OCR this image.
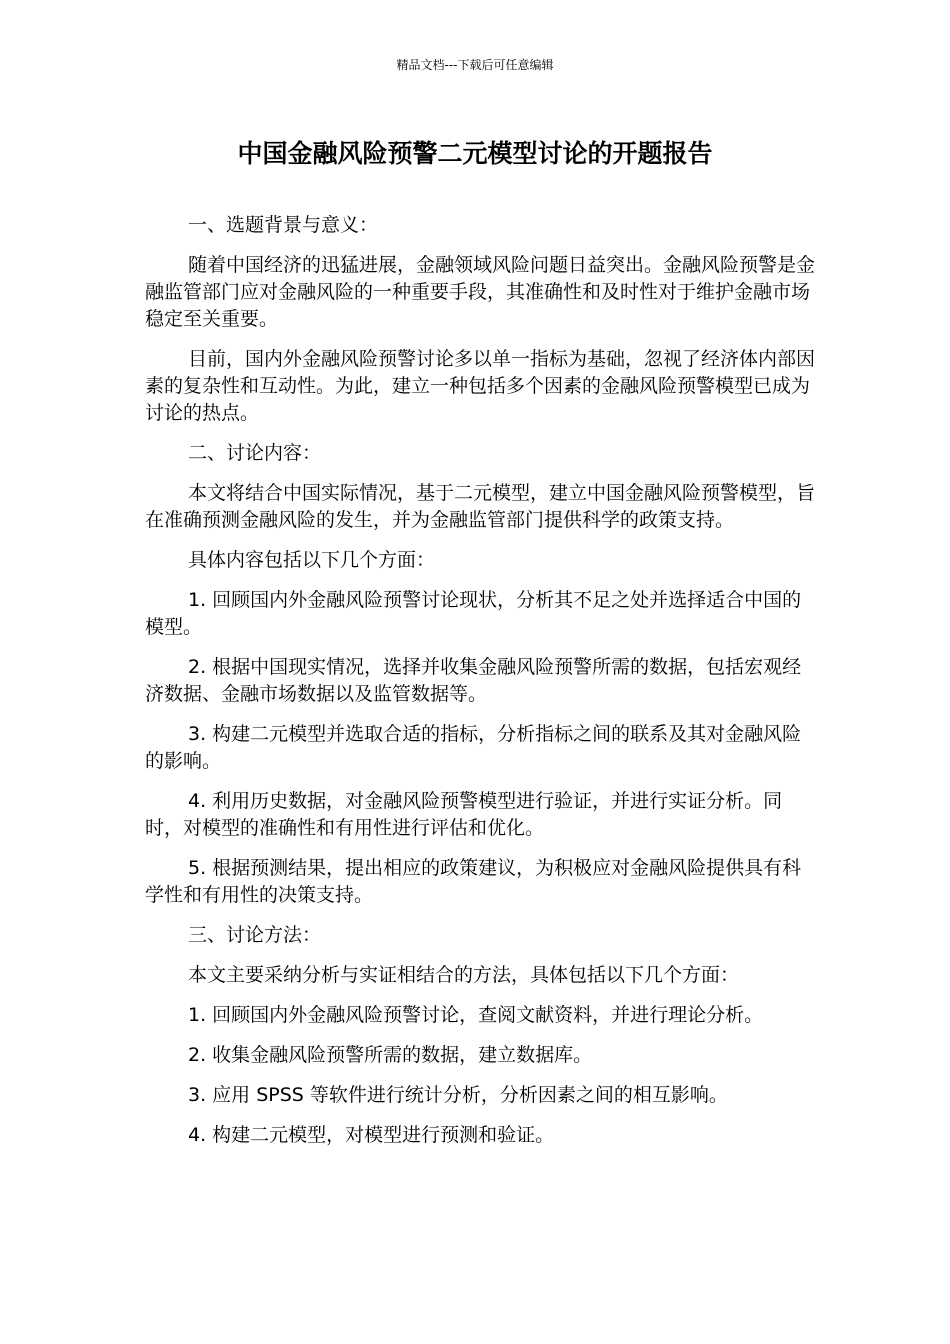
精品文档---下载后可任意编辑
中国金融风险预警二元模型讨论的开题报告

一、选题背景与意义：

随着中国经济的迅猛进展，金融领域风险问题日益突出。金融风险预警是金融监管部门应对金融风险的一种重要手段，其准确性和及时性对于维护金融市场稳定至关重要。

目前，国内外金融风险预警讨论多以单一指标为基础，忽视了经济体内部因素的复杂性和互动性。为此，建立一种包括多个因素的金融风险预警模型已成为讨论的热点。

二、讨论内容：

本文将结合中国实际情况，基于二元模型，建立中国金融风险预警模型，旨在准确预测金融风险的发生，并为金融监管部门提供科学的政策支持。

具体内容包括以下几个方面：

1. 回顾国内外金融风险预警讨论现状，分析其不足之处并选择适合中国的模型。

2. 根据中国现实情况，选择并收集金融风险预警所需的数据，包括宏观经济数据、金融市场数据以及监管数据等。

3. 构建二元模型并选取合适的指标，分析指标之间的联系及其对金融风险的影响。

4. 利用历史数据，对金融风险预警模型进行验证，并进行实证分析。同时，对模型的准确性和有用性进行评估和优化。

5. 根据预测结果，提出相应的政策建议，为积极应对金融风险提供具有科学性和有用性的决策支持。

三、讨论方法：

本文主要采纳分析与实证相结合的方法，具体包括以下几个方面：

1. 回顾国内外金融风险预警讨论，查阅文献资料，并进行理论分析。

2. 收集金融风险预警所需的数据，建立数据库。

3. 应用 SPSS 等软件进行统计分析，分析因素之间的相互影响。

4. 构建二元模型，对模型进行预测和验证。
